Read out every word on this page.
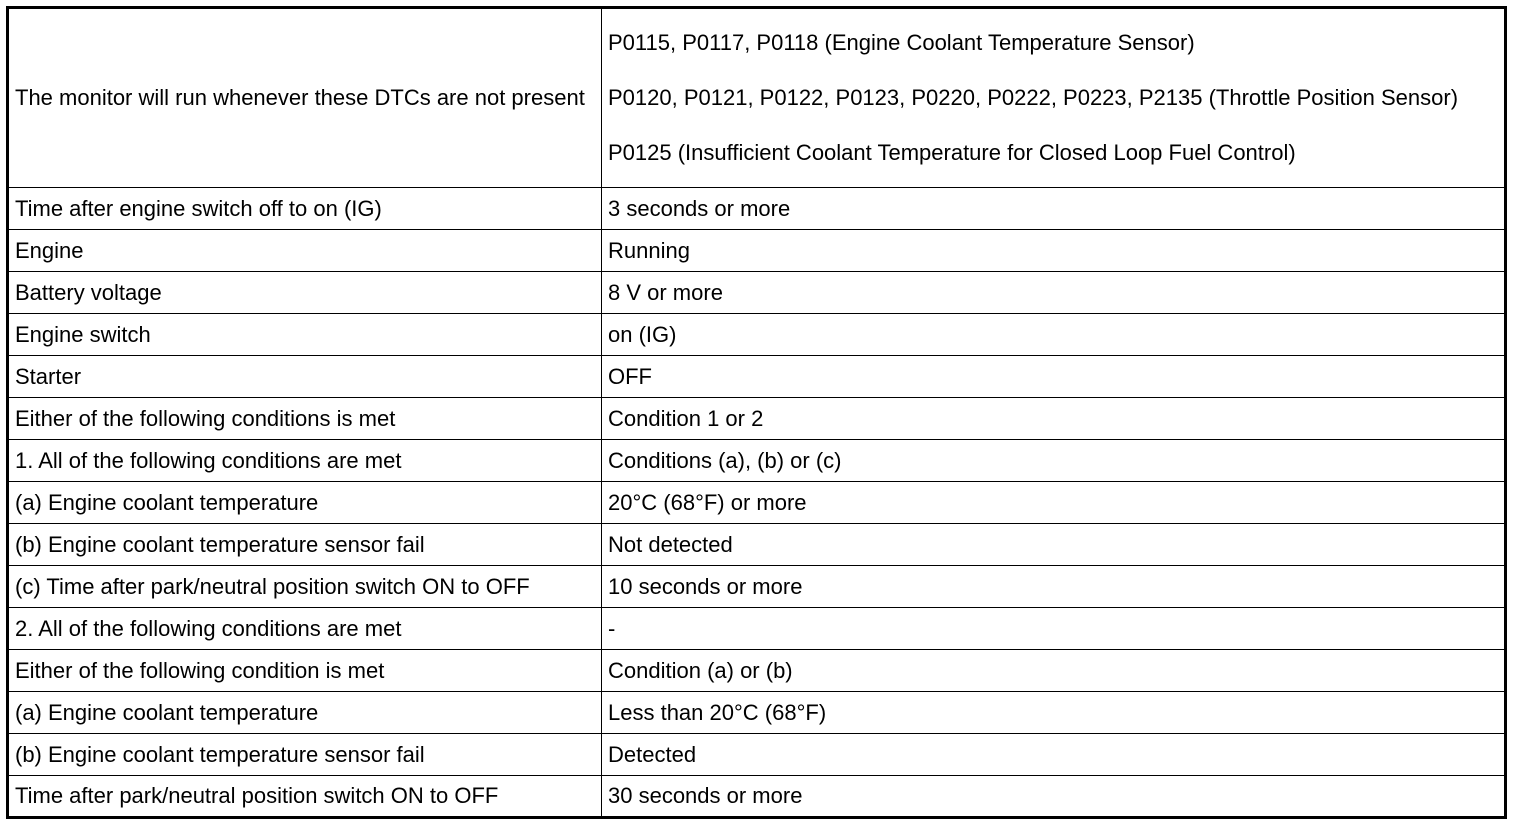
The monitor will run whenever these DTCs are not present	P0115, P0117, P0118 (Engine Coolant Temperature Sensor)

P0120, P0121, P0122, P0123, P0220, P0222, P0223, P2135 (Throttle Position Sensor)

P0125 (Insufficient Coolant Temperature for Closed Loop Fuel Control)

Time after engine switch off to on (IG)	3 seconds or more
Engine	Running
Battery voltage	8 V or more
Engine switch	on (IG)
Starter	OFF
Either of the following conditions is met	Condition 1 or 2
1. All of the following conditions are met	Conditions (a), (b) or (c)
(a) Engine coolant temperature	20°C (68°F) or more
(b) Engine coolant temperature sensor fail	Not detected
(c) Time after park/neutral position switch ON to OFF	10 seconds or more
2. All of the following conditions are met	-
Either of the following condition is met	Condition (a) or (b)
(a) Engine coolant temperature	Less than 20°C (68°F)
(b) Engine coolant temperature sensor fail	Detected
Time after park/neutral position switch ON to OFF	30 seconds or more
